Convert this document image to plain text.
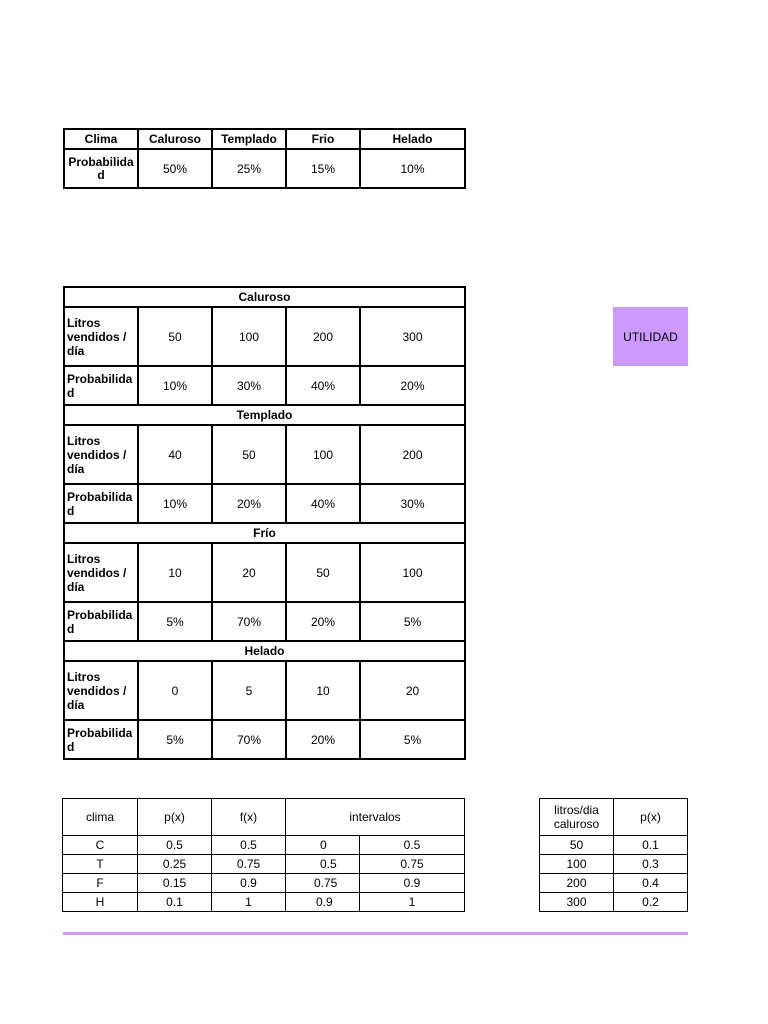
Clima	Caluroso	Templado	Frio	Helado
Probabilidad	50%	25%	15%	10%
Caluroso				
Litros vendidos / día	50	100	200	300
Probabilidad	10%	30%	40%	20%
Templado				
Litros vendidos / día	40	50	100	200
Probabilidad	10%	20%	40%	30%
Frío				
Litros vendidos / día	10	20	50	100
Probabilidad	5%	70%	20%	5%
Helado				
Litros vendidos / día	0	5	10	20
Probabilidad	5%	70%	20%	5%
UTILIDAD
clima	p(x)	f(x)	intervalos	
C	0.5	0.5	0	0.5
T	0.25	0.75	0.5	0.75
F	0.15	0.9	0.75	0.9
H	0.1	1	0.9	1
litros/dia caluroso	p(x)
50	0.1
100	0.3
200	0.4
300	0.2
